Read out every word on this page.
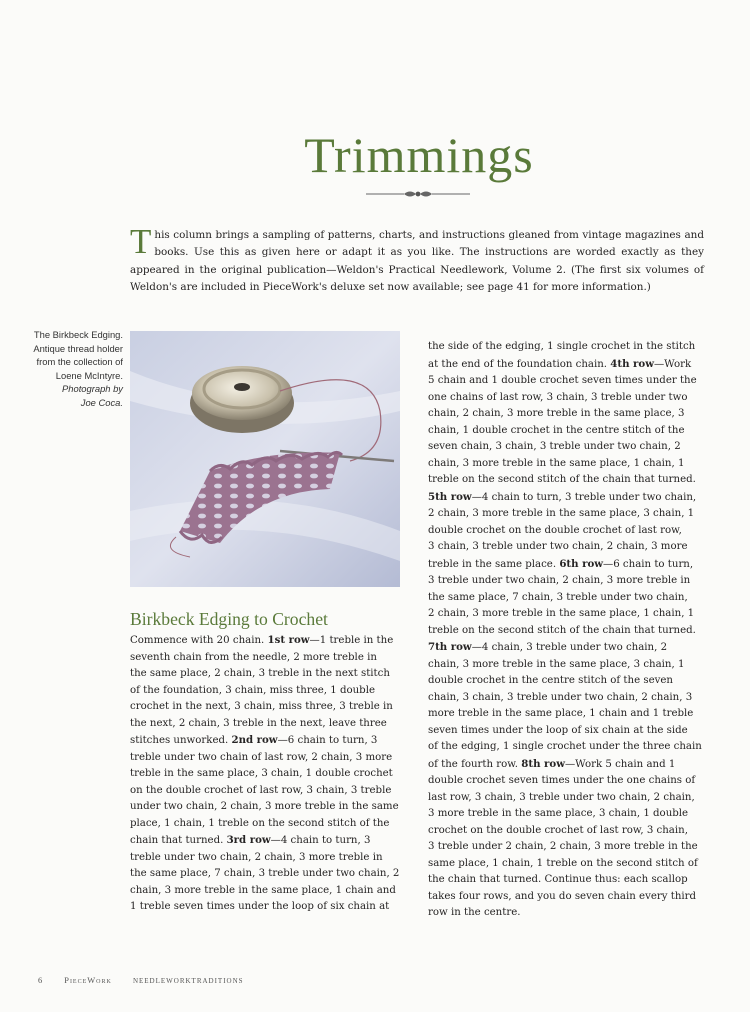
Trimmings
T his column brings a sampling of patterns, charts, and instructions gleaned from vintage magazines and books. Use this as given here or adapt it as you like. The instructions are worded exactly as they appeared in the original publication—Weldon's Practical Needlework, Volume 2. (The first six volumes of Weldon's are included in PieceWork's deluxe set now available; see page 41 for more information.)
The Birkbeck Edging.
Antique thread holder
from the collection of
Loene McIntyre.
Photograph by
Joe Coca.
Birkbeck Edging to Crochet
Commence with 20 chain. 1st row—1 treble in the
seventh chain from the needle, 2 more treble in
the same place, 2 chain, 3 treble in the next stitch
of the foundation, 3 chain, miss three, 1 double
crochet in the next, 3 chain, miss three, 3 treble in
the next, 2 chain, 3 treble in the next, leave three
stitches unworked. 2nd row—6 chain to turn, 3
treble under two chain of last row, 2 chain, 3 more
treble in the same place, 3 chain, 1 double crochet
on the double crochet of last row, 3 chain, 3 treble
under two chain, 2 chain, 3 more treble in the same
place, 1 chain, 1 treble on the second stitch of the
chain that turned. 3rd row—4 chain to turn, 3
treble under two chain, 2 chain, 3 more treble in
the same place, 7 chain, 3 treble under two chain, 2
chain, 3 more treble in the same place, 1 chain and
1 treble seven times under the loop of six chain at
the side of the edging, 1 single crochet in the stitch
at the end of the foundation chain. 4th row—Work
5 chain and 1 double crochet seven times under the
one chains of last row, 3 chain, 3 treble under two
chain, 2 chain, 3 more treble in the same place, 3
chain, 1 double crochet in the centre stitch of the
seven chain, 3 chain, 3 treble under two chain, 2
chain, 3 more treble in the same place, 1 chain, 1
treble on the second stitch of the chain that turned.
5th row—4 chain to turn, 3 treble under two chain,
2 chain, 3 more treble in the same place, 3 chain, 1
double crochet on the double crochet of last row,
3 chain, 3 treble under two chain, 2 chain, 3 more
treble in the same place. 6th row—6 chain to turn,
3 treble under two chain, 2 chain, 3 more treble in
the same place, 7 chain, 3 treble under two chain,
2 chain, 3 more treble in the same place, 1 chain, 1
treble on the second stitch of the chain that turned.
7th row—4 chain, 3 treble under two chain, 2
chain, 3 more treble in the same place, 3 chain, 1
double crochet in the centre stitch of the seven
chain, 3 chain, 3 treble under two chain, 2 chain, 3
more treble in the same place, 1 chain and 1 treble
seven times under the loop of six chain at the side
of the edging, 1 single crochet under the three chain
of the fourth row. 8th row—Work 5 chain and 1
double crochet seven times under the one chains of
last row, 3 chain, 3 treble under two chain, 2 chain,
3 more treble in the same place, 3 chain, 1 double
crochet on the double crochet of last row, 3 chain,
3 treble under 2 chain, 2 chain, 3 more treble in the
same place, 1 chain, 1 treble on the second stitch of
the chain that turned. Continue thus: each scallop
takes four rows, and you do seven chain every third
row in the centre.
6	PieceWork	NEEDLEWORKTRADITIONS
